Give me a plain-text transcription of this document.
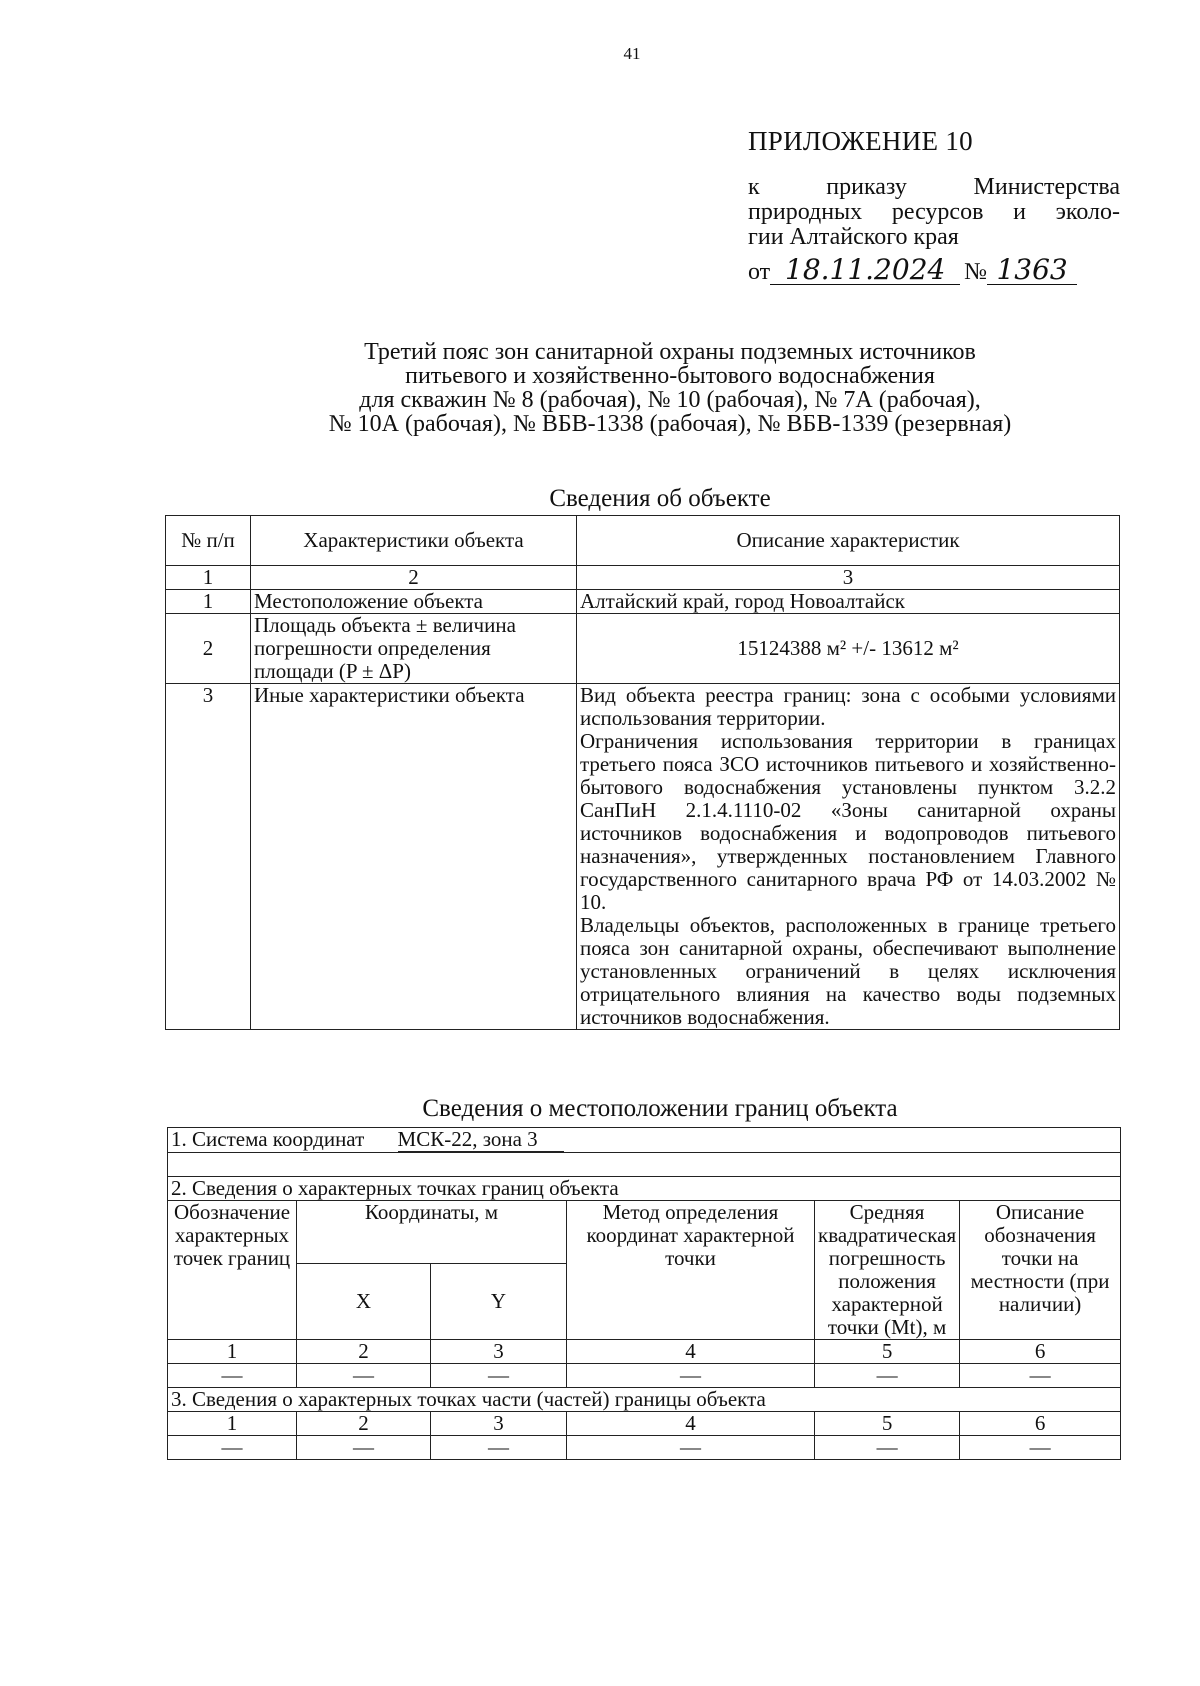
41
ПРИЛОЖЕНИЕ 10
к приказу Министерства
природных ресурсов и эколо-
гии Алтайского края
от 18.11.2024 № 1363
Третий пояс зон санитарной охраны подземных источников
питьевого и хозяйственно-бытового водоснабжения
для скважин № 8 (рабочая), № 10 (рабочая), № 7А (рабочая),
№ 10А (рабочая), № ВБВ-1338 (рабочая), № ВБВ-1339 (резервная)
Сведения об объекте
№ п/п	Характеристики объекта	Описание характеристик
1	2	3
1	Местоположение объекта	Алтайский край, город Новоалтайск
2	Площадь объекта ± величина погрешности определения площади (P ± ΔP)	15124388 м² +/- 13612 м²
3	Иные характеристики объекта	Вид объекта реестра границ: зона с особыми условиями использования территории.

Ограничения использования территории в границах третьего пояса ЗСО источников питьевого и хозяйственно-бытового водоснабжения установлены пунктом 3.2.2 СанПиН 2.1.4.1110-02 «Зоны санитарной охраны источников водоснабжения и водопроводов питьевого назначения», утвержденных постановлением Главного государственного санитарного врача РФ от 14.03.2002 № 10.

Владельцы объектов, расположенных в границе третьего пояса зон санитарной охраны, обеспечивают выполнение установленных ограничений в целях исключения отрицательного влияния на качество воды подземных источников водоснабжения.

Сведения о местоположении границ объекта
1. Система координат МСК-22, зона 3					

2. Сведения о характерных точках границ объекта					
Обозначение характерных точек границ	Координаты, м		Метод определения координат характерной точки	Средняя квадратическая погрешность положения характерной точки (Mt), м	Описание обозначения точки на местности (при наличии)
	X	Y			
1	2	3	4	5	6
—	—	—	—	—	—
3. Сведения о характерных точках части (частей) границы объекта					
1	2	3	4	5	6
—	—	—	—	—	—
